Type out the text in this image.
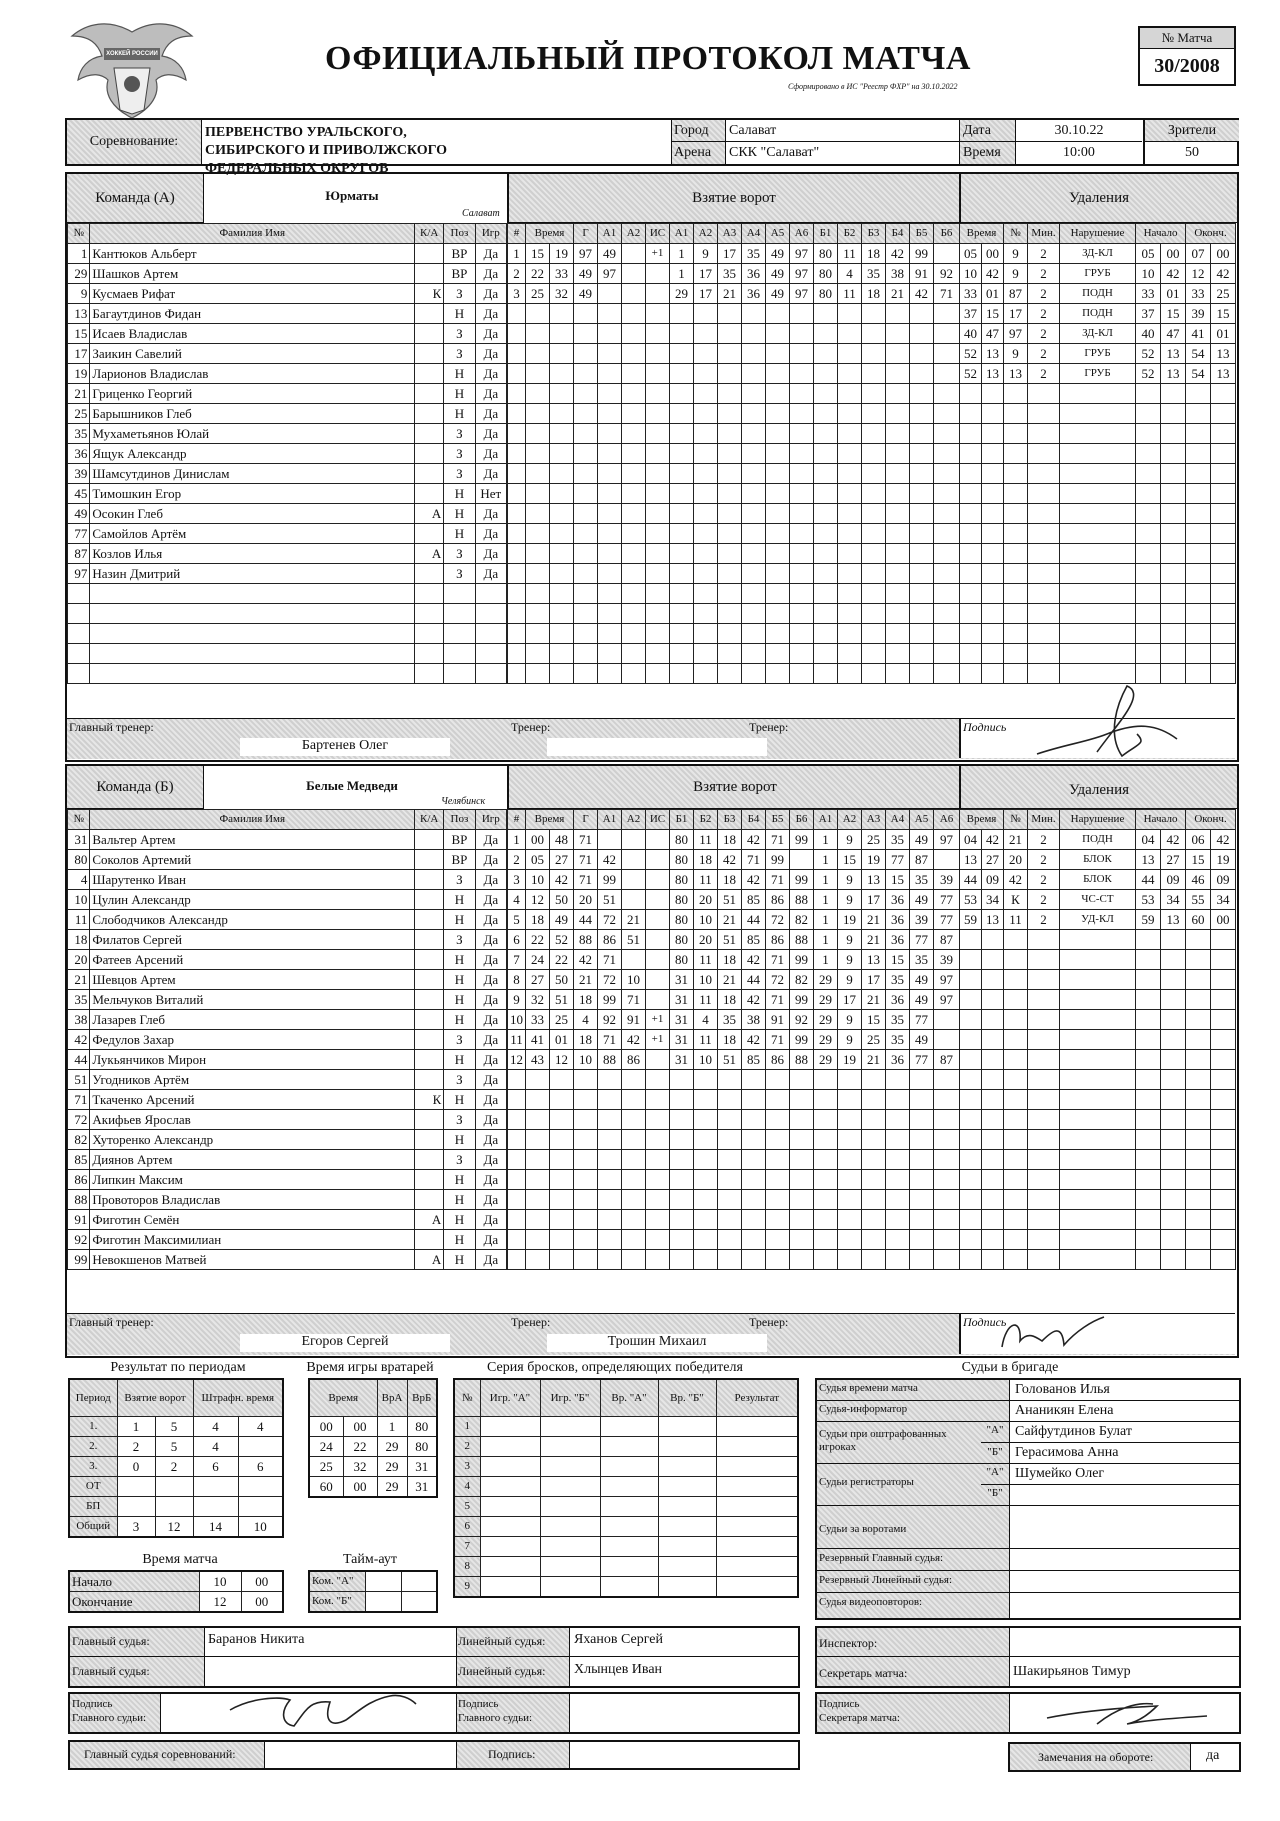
ХОККЕЙ РОССИИ	ОФИЦИАЛЬНЫЙ ПРОТОКОЛ МАТЧА
Сформировано в ИС "Реестр ФХР" на 30.10.2022
№ Матча
30/2008
Соревнование:
ПЕРВЕНСТВО УРАЛЬСКОГО, СИБИРСКОГО И ПРИВОЛЖСКОГО ФЕДЕРАЛЬНЫХ ОКРУГОВ
Город	Салават
Арена	СКК "Салават"
Дата	30.10.22
Время	10:00
Зрители
50
Команда (А)	Юрматы
Салават
Взятие ворот	Удаления
№	Фамилия Имя	К/А	Поз	Игр
1	Кантюков Альберт		ВР	Да
29	Шашков Артем		ВР	Да
9	Кусмаев Рифат	К	З	Да
13	Багаутдинов Фидан		Н	Да
15	Исаев Владислав		З	Да
17	Заикин Савелий		З	Да
19	Ларионов Владислав		Н	Да
21	Гриценко Георгий		Н	Да
25	Барышников Глеб		Н	Да
35	Мухаметьянов Юлай		З	Да
36	Ящук Александр		З	Да
39	Шамсутдинов Динислам		З	Да
45	Тимошкин Егор		Н	Нет
49	Осокин Глеб	А	Н	Да
77	Самойлов Артём		Н	Да
87	Козлов Илья	А	З	Да
97	Назин Дмитрий		З	Да

#	Время		Г	А1	А2	ИС	А1	А2	А3	А4	А5	А6	Б1	Б2	Б3	Б4	Б5	Б6
1	15	19	97	49		+1	1	9	17	35	49	97	80	11	18	42	99	
2	22	33	49	97			1	17	35	36	49	97	80	4	35	38	91	92
3	25	32	49				29	17	21	36	49	97	80	11	18	21	42	71

Время		№	Мин.	Нарушение	Начало		Оконч.	
05	00	9	2	ЗД-КЛ	05	00	07	00
10	42	9	2	ГРУБ	10	42	12	42
33	01	87	2	ПОДН	33	01	33	25
37	15	17	2	ПОДН	37	15	39	15
40	47	97	2	ЗД-КЛ	40	47	41	01
52	13	9	2	ГРУБ	52	13	54	13
52	13	13	2	ГРУБ	52	13	54	13

Главный тренер:
Бартенев Олег
Тренер:	Тренер:	Подпись
Команда (Б)	Белые Медведи
Челябинск
Взятие ворот	Удаления
№	Фамилия Имя	К/А	Поз	Игр
31	Вальтер Артем		ВР	Да
80	Соколов Артемий		ВР	Да
4	Шарутенко Иван		З	Да
10	Цулин Александр		Н	Да
11	Слободчиков Александр		Н	Да
18	Филатов Сергей		З	Да
20	Фатеев Арсений		Н	Да
21	Шевцов Артем		Н	Да
35	Мельчуков Виталий		Н	Да
38	Лазарев Глеб		Н	Да
42	Федулов Захар		З	Да
44	Лукьянчиков Мирон		Н	Да
51	Угодников Артём		З	Да
71	Ткаченко Арсений	К	Н	Да
72	Акифьев Ярослав		З	Да
82	Хуторенко Александр		Н	Да
85	Диянов Артем		З	Да
86	Липкин Максим		Н	Да
88	Провоторов Владислав		Н	Да
91	Фиготин Семён	А	Н	Да
92	Фиготин Максимилиан		Н	Да
99	Невокшенов Матвей	А	Н	Да
#	Время		Г	А1	А2	ИС	Б1	Б2	Б3	Б4	Б5	Б6	А1	А2	А3	А4	А5	А6
1	00	48	71				80	11	18	42	71	99	1	9	25	35	49	97
2	05	27	71	42			80	18	42	71	99		1	15	19	77	87	
3	10	42	71	99			80	11	18	42	71	99	1	9	13	15	35	39
4	12	50	20	51			80	20	51	85	86	88	1	9	17	36	49	77
5	18	49	44	72	21		80	10	21	44	72	82	1	19	21	36	39	77
6	22	52	88	86	51		80	20	51	85	86	88	1	9	21	36	77	87
7	24	22	42	71			80	11	18	42	71	99	1	9	13	15	35	39
8	27	50	21	72	10		31	10	21	44	72	82	29	9	17	35	49	97
9	32	51	18	99	71		31	11	18	42	71	99	29	17	21	36	49	97
10	33	25	4	92	91	+1	31	4	35	38	91	92	29	9	15	35	77	
11	41	01	18	71	42	+1	31	11	18	42	71	99	29	9	25	35	49	
12	43	12	10	88	86		31	10	51	85	86	88	29	19	21	36	77	87

Время		№	Мин.	Нарушение	Начало		Оконч.	
04	42	21	2	ПОДН	04	42	06	42
13	27	20	2	БЛОК	13	27	15	19
44	09	42	2	БЛОК	44	09	46	09
53	34	К	2	ЧС-СТ	53	34	55	34
59	13	11	2	УД-КЛ	59	13	60	00

Главный тренер:
Егоров Сергей
Тренер:
Трошин Михаил
Тренер:	Подпись
Результат по периодам
Период	Взятие ворот		Штрафн. время	
1.	1	5	4	4
2.	2	5	4	
3.	0	2	6	6
ОТ				
БП				
Общий	3	12	14	10
Время игры вратарей
Время		ВрА	ВрБ
00	00	1	80
24	22	29	80
25	32	29	31
60	00	29	31
Время матча
Начало	10	00
Окончание	12	00
Тайм-аут
Ком. "А"		
Ком. "Б"		
Серия бросков, определяющих победителя
№	Игр. "А"	Игр. "Б"	Вр. "А"	Вр. "Б"	Результат
1					
2					
3					
4					
5					
6					
7					
8					
9					
Судьи в бригаде
Судья времени матча	Голованов Илья
Судья-информатор	Ананикян Елена
Судьи при оштрафованных игроках
"А" Сайфутдинов Булат
"Б" Герасимова Анна
Судьи регистраторы
"А" Шумейко Олег
"Б"
Судьи за воротами
Резервный Главный судья:
Резервный Линейный судья:
Судья видеоповторов:
Главный судья:	Баранов Никита
Главный судья:
Линейный судья: Яханов Сергей
Линейный судья: Хлынцев Иван
Инспектор:
Секретарь матча:	Шакирьянов Тимур
Подпись
Главного судьи:
Подпись
Главного судьи:
Подпись
Секретаря матча:
Главный судья соревнований:	Подпись:	Замечания на обороте:	да
